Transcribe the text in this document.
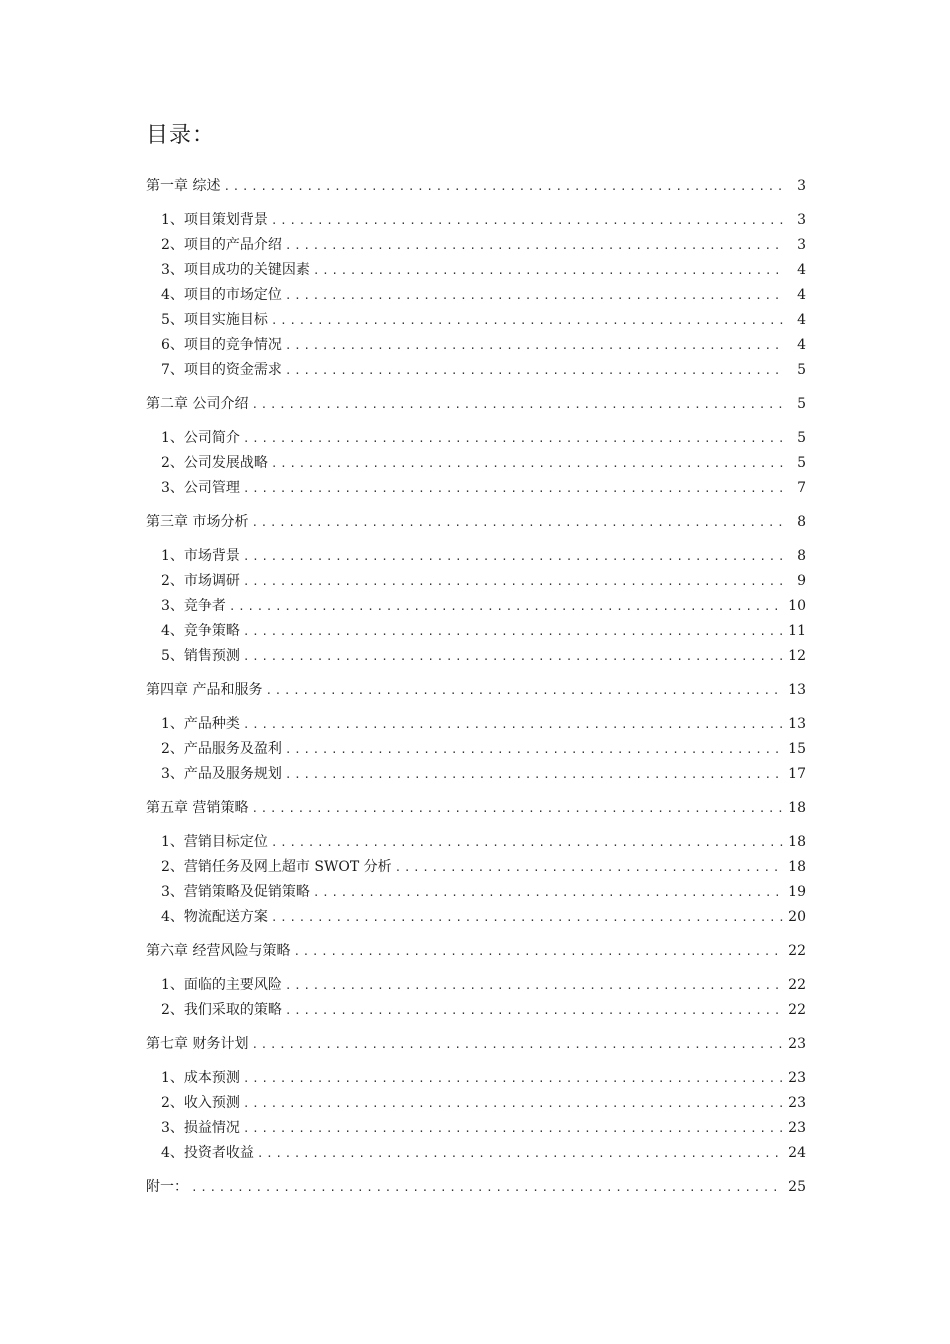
目录：
第一章 综述 .....	3
1、项目策划背景 .....	3
2、项目的产品介绍 .....	3
3、项目成功的关键因素 .....	4
4、项目的市场定位 .....	4
5、项目实施目标 .....	4
6、项目的竞争情况 .....	4
7、项目的资金需求 .....	5
第二章 公司介绍 .....	5
1、公司简介 .....	5
2、公司发展战略 .....	5
3、公司管理 .....	7
第三章 市场分析 .....	8
1、市场背景 .....	8
2、市场调研 .....	9
3、竞争者 .....	10
4、竞争策略 .....	11
5、销售预测 .....	12
第四章 产品和服务 .....	13
1、产品种类 .....	13
2、产品服务及盈利 .....	15
3、产品及服务规划 .....	17
第五章 营销策略 .....	18
1、营销目标定位 .....	18
2、营销任务及网上超市 SWOT 分析 .....	18
3、营销策略及促销策略 .....	19
4、物流配送方案 .....	20
第六章 经营风险与策略 .....	22
1、面临的主要风险 .....	22
2、我们采取的策略 .....	22
第七章 财务计划 .....	23
1、成本预测 .....	23
2、收入预测 .....	23
3、损益情况 .....	23
4、投资者收益 .....	24
附一： .....	25
